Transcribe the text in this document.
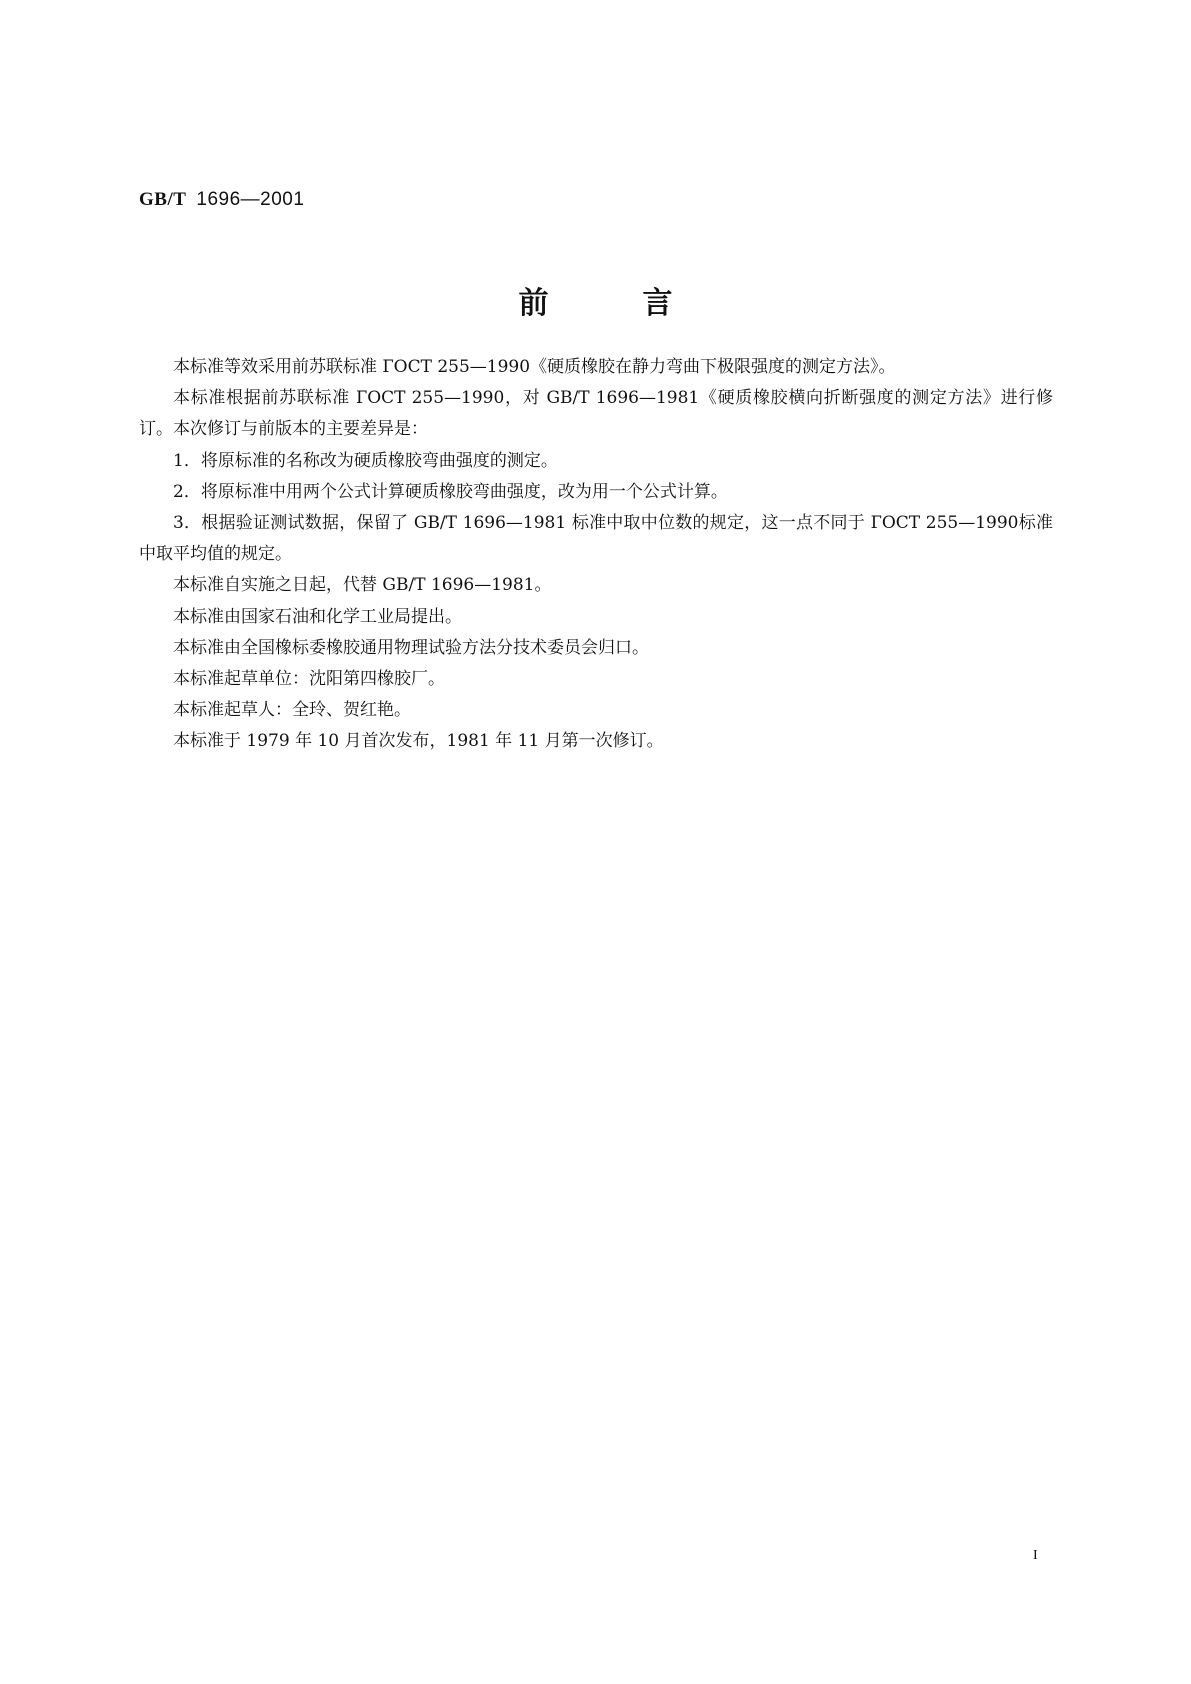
GB/T 1696—2001
前	言

本标准等效采用前苏联标准 ГОСТ 255—1990《硬质橡胶在静力弯曲下极限强度的测定方法》。

本标准根据前苏联标准 ГОСТ 255—1990，对 GB/T 1696—1981《硬质橡胶横向折断强度的测定方法》进行修订。本次修订与前版本的主要差异是：

1．将原标准的名称改为硬质橡胶弯曲强度的测定。

2．将原标准中用两个公式计算硬质橡胶弯曲强度，改为用一个公式计算。

3．根据验证测试数据，保留了 GB/T 1696—1981 标准中取中位数的规定，这一点不同于 ГОСТ 255—1990标准中取平均值的规定。

本标准自实施之日起，代替 GB/T 1696—1981。

本标准由国家石油和化学工业局提出。

本标准由全国橡标委橡胶通用物理试验方法分技术委员会归口。

本标准起草单位：沈阳第四橡胶厂。

本标准起草人：全玲、贺红艳。

本标准于 1979 年 10 月首次发布，1981 年 11 月第一次修订。

I
